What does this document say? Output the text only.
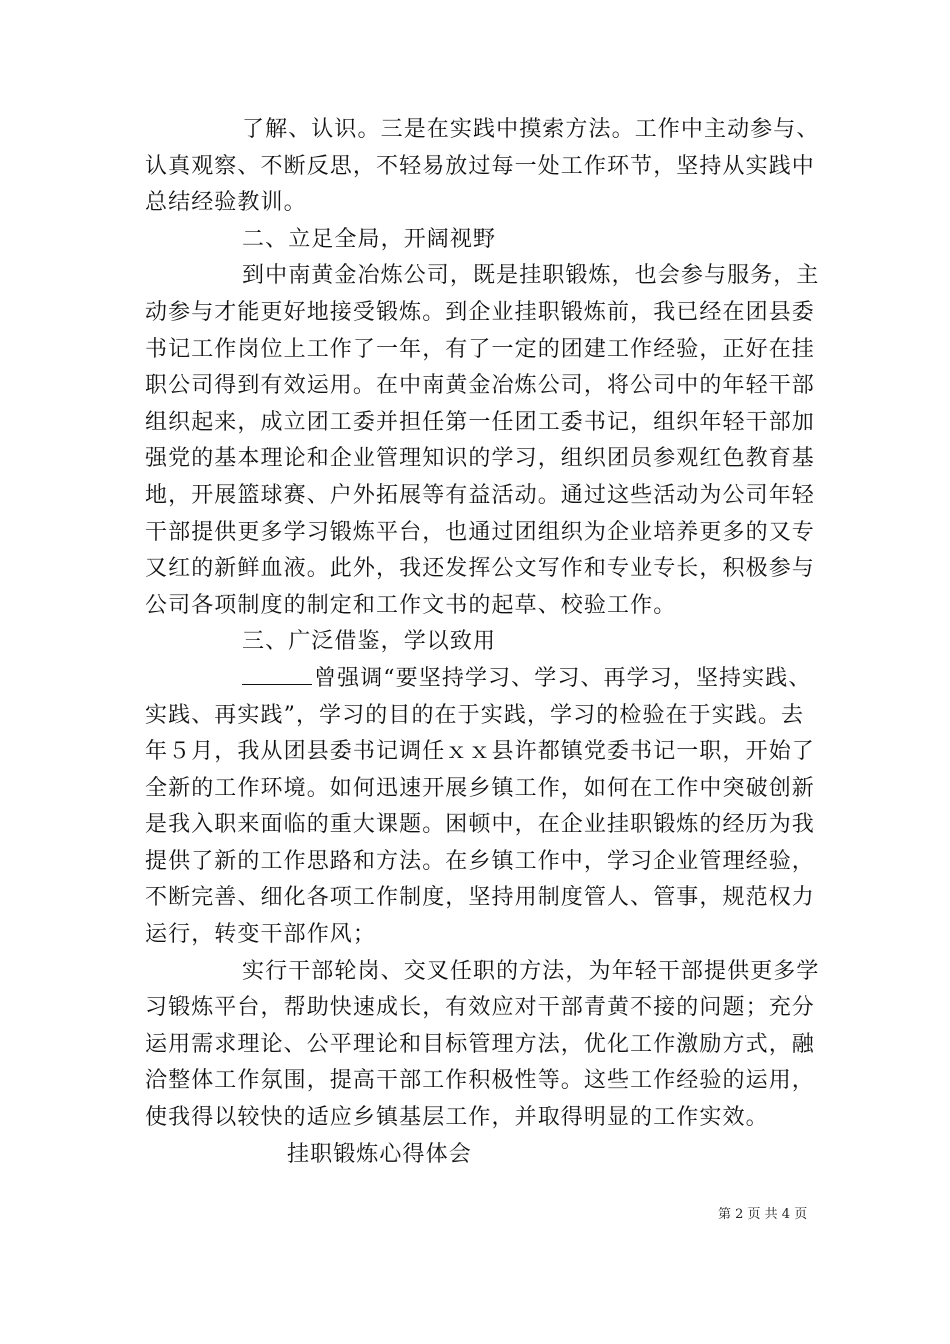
了解、认识。三是在实践中摸索方法。工作中主动参与、
认真观察、不断反思，不轻易放过每一处工作环节，坚持从实践中
总结经验教训。
二、立足全局，开阔视野
到中南黄金冶炼公司，既是挂职锻炼，也会参与服务，主
动参与才能更好地接受锻炼。到企业挂职锻炼前，我已经在团县委
书记工作岗位上工作了一年，有了一定的团建工作经验，正好在挂
职公司得到有效运用。在中南黄金冶炼公司，将公司中的年轻干部
组织起来，成立团工委并担任第一任团工委书记，组织年轻干部加
强党的基本理论和企业管理知识的学习，组织团员参观红色教育基
地，开展篮球赛、户外拓展等有益活动。通过这些活动为公司年轻
干部提供更多学习锻炼平台，也通过团组织为企业培养更多的又专
又红的新鲜血液。此外，我还发挥公文写作和专业专长，积极参与
公司各项制度的制定和工作文书的起草、校验工作。
三、广泛借鉴，学以致用
曾强调“要坚持学习、学习、再学习，坚持实践、
实践、再实践”，学习的目的在于实践，学习的检验在于实践。去
年５月，我从团县委书记调任ｘｘ县许都镇党委书记一职，开始了
全新的工作环境。如何迅速开展乡镇工作，如何在工作中突破创新
是我入职来面临的重大课题。困顿中，在企业挂职锻炼的经历为我
提供了新的工作思路和方法。在乡镇工作中，学习企业管理经验，
不断完善、细化各项工作制度，坚持用制度管人、管事，规范权力
运行，转变干部作风；
实行干部轮岗、交叉任职的方法，为年轻干部提供更多学
习锻炼平台，帮助快速成长，有效应对干部青黄不接的问题；充分
运用需求理论、公平理论和目标管理方法，优化工作激励方式，融
洽整体工作氛围，提高干部工作积极性等。这些工作经验的运用，
使我得以较快的适应乡镇基层工作，并取得明显的工作实效。
挂职锻炼心得体会
第 2 页 共 4 页
